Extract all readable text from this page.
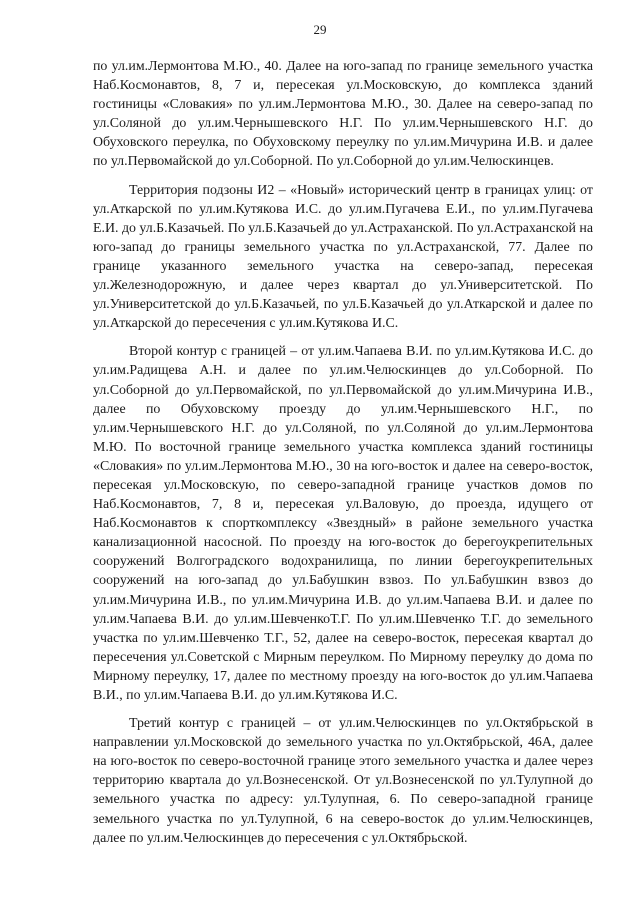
29

по ул.им.Лермонтова М.Ю., 40. Далее на юго-запад по границе земельного участка Наб.Космонавтов, 8, 7 и, пересекая ул.Московскую, до комплекса зданий гостиницы «Словакия» по ул.им.Лермонтова М.Ю., 30. Далее на северо-запад по ул.Соляной до ул.им.Чернышевского Н.Г. По ул.им.Чернышевского Н.Г. до Обуховского переулка, по Обуховскому переулку по ул.им.Мичурина И.В. и далее по ул.Первомайской до ул.Соборной. По ул.Соборной до ул.им.Челюскинцев.

Территория подзоны И2 – «Новый» исторический центр в границах улиц: от ул.Аткарской по ул.им.Кутякова И.С. до ул.им.Пугачева Е.И., по ул.им.Пугачева Е.И. до ул.Б.Казачьей. По ул.Б.Казачьей до ул.Астраханской. По ул.Астраханской на юго-запад до границы земельного участка по ул.Астраханской, 77. Далее по границе указанного земельного участка на северо-запад, пересекая ул.Железнодорожную, и далее через квартал до ул.Университетской. По ул.Университетской до ул.Б.Казачьей, по ул.Б.Казачьей до ул.Аткарской и далее по ул.Аткарской до пересечения с ул.им.Кутякова И.С.

Второй контур с границей – от ул.им.Чапаева В.И. по ул.им.Кутякова И.С. до ул.им.Радищева А.Н. и далее по ул.им.Челюскинцев до ул.Соборной. По ул.Соборной до ул.Первомайской, по ул.Первомайской до ул.им.Мичурина И.В., далее по Обуховскому проезду до ул.им.Чернышевского Н.Г., по ул.им.Чернышевского Н.Г. до ул.Соляной, по ул.Соляной до ул.им.Лермонтова М.Ю. По восточной границе земельного участка комплекса зданий гостиницы «Словакия» по ул.им.Лермонтова М.Ю., 30 на юго-восток и далее на северо-восток, пересекая ул.Московскую, по северо-западной границе участков домов по Наб.Космонавтов, 7, 8 и, пересекая ул.Валовую, до проезда, идущего от Наб.Космонавтов к спорткомплексу «Звездный» в районе земельного участка канализационной насосной. По проезду на юго-восток до берегоукрепительных сооружений Волгоградского водохранилища, по линии берегоукрепительных сооружений на юго-запад до ул.Бабушкин взвоз. По ул.Бабушкин взвоз до ул.им.Мичурина И.В., по ул.им.Мичурина И.В. до ул.им.Чапаева В.И. и далее по ул.им.Чапаева В.И. до ул.им.ШевченкоТ.Г. По ул.им.Шевченко Т.Г. до земельного участка по ул.им.Шевченко Т.Г., 52, далее на северо-восток, пересекая квартал до пересечения ул.Советской с Мирным переулком. По Мирному переулку до дома по Мирному переулку, 17, далее по местному проезду на юго-восток до ул.им.Чапаева В.И., по ул.им.Чапаева В.И. до ул.им.Кутякова И.С.

Третий контур с границей – от ул.им.Челюскинцев по ул.Октябрьской в направлении ул.Московской до земельного участка по ул.Октябрьской, 46А, далее на юго-восток по северо-восточной границе этого земельного участка и далее через территорию квартала до ул.Вознесенской. От ул.Вознесенской по ул.Тулупной до земельного участка по адресу: ул.Тулупная, 6. По северо-западной границе земельного участка по ул.Тулупной, 6 на северо-восток до ул.им.Челюскинцев, далее по ул.им.Челюскинцев до пересечения с ул.Октябрьской.
